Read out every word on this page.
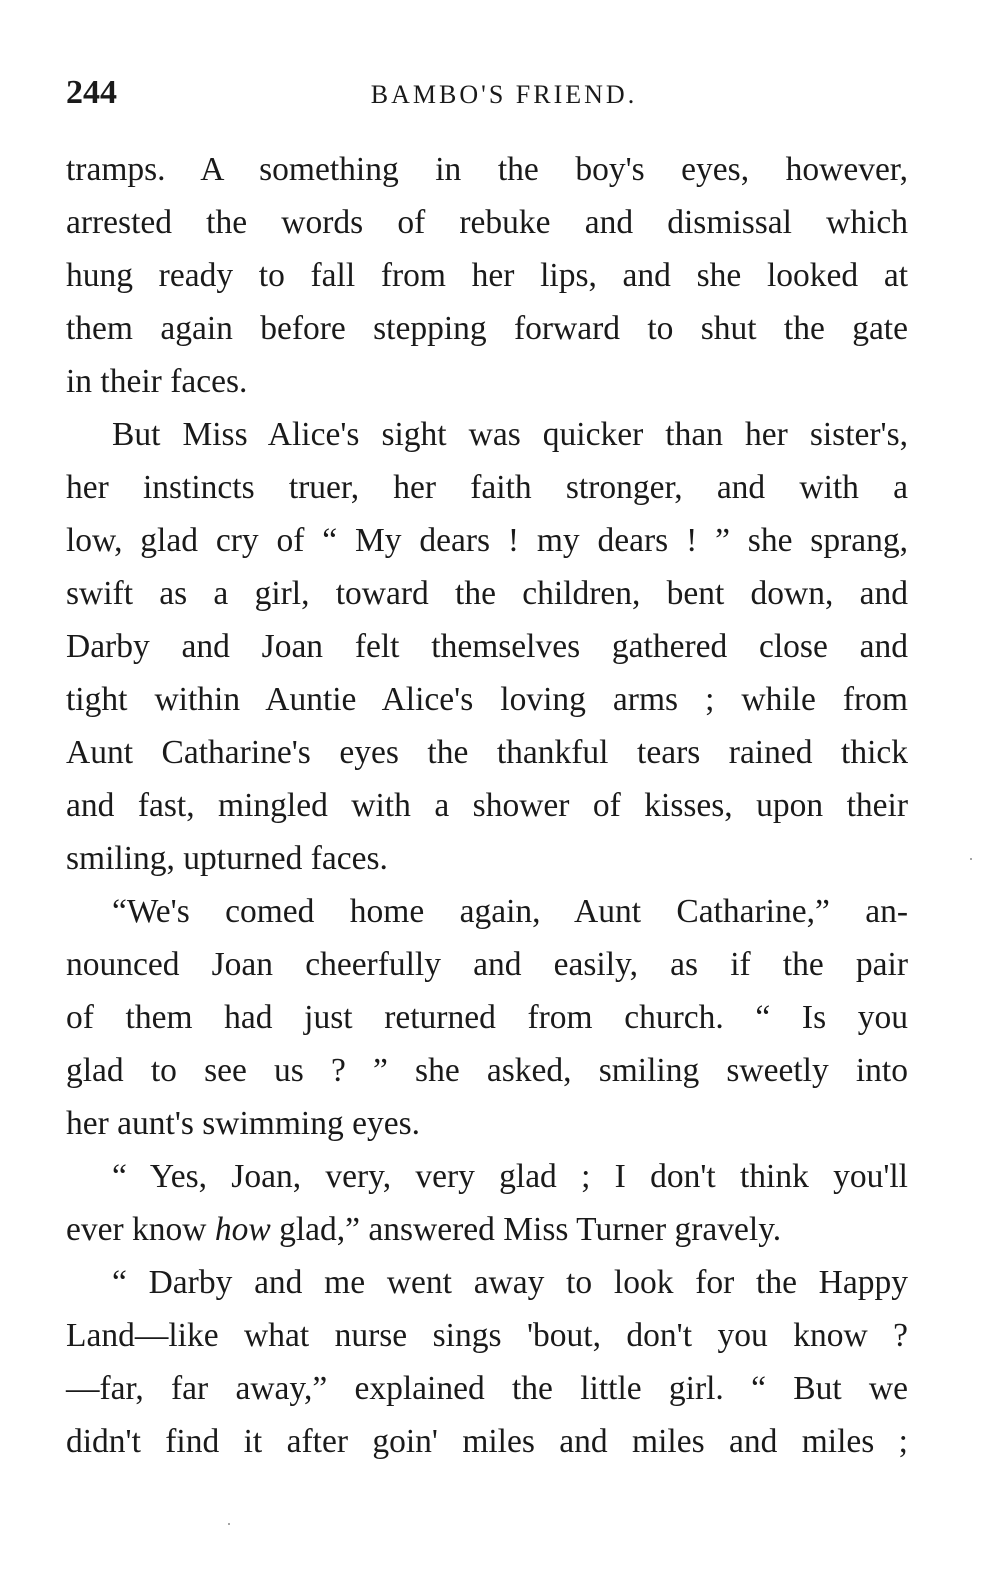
244	BAMBO'S FRIEND.
tramps. A something in the boy's eyes, however,
arrested the words of rebuke and dismissal which
hung ready to fall from her lips, and she looked at
them again before stepping forward to shut the gate
in their faces.
But Miss Alice's sight was quicker than her sister's,
her instincts truer, her faith stronger, and with a
low, glad cry of “ My dears ! my dears ! ” she sprang,
swift as a girl, toward the children, bent down, and
Darby and Joan felt themselves gathered close and
tight within Auntie Alice's loving arms ; while from
Aunt Catharine's eyes the thankful tears rained thick
and fast, mingled with a shower of kisses, upon their
smiling, upturned faces.
“We's comed home again, Aunt Catharine,” an-
nounced Joan cheerfully and easily, as if the pair
of them had just returned from church. “ Is you
glad to see us ? ” she asked, smiling sweetly into
her aunt's swimming eyes.
“ Yes, Joan, very, very glad ; I don't think you'll
ever know how glad,” answered Miss Turner gravely.
“ Darby and me went away to look for the Happy
Land—like what nurse sings 'bout, don't you know ?
—far, far away,” explained the little girl. “ But we
didn't find it after goin' miles and miles and miles ;
